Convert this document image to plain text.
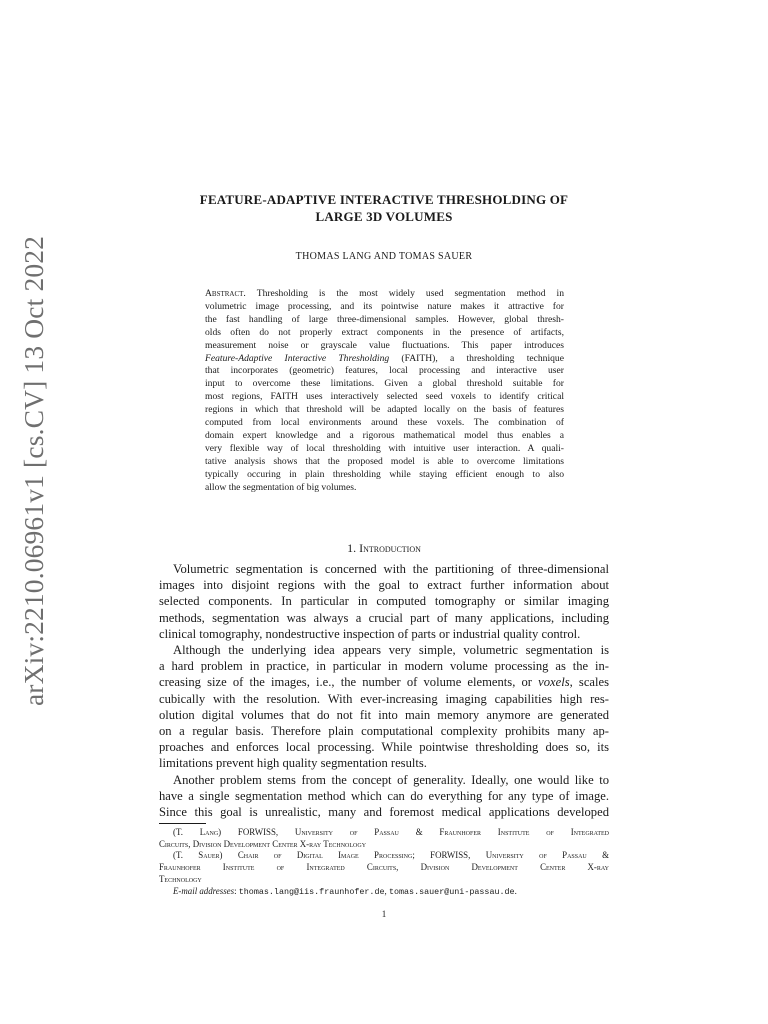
arXiv:2210.06961v1 [cs.CV] 13 Oct 2022
FEATURE-ADAPTIVE INTERACTIVE THRESHOLDING OF
LARGE 3D VOLUMES
THOMAS LANG AND TOMAS SAUER
Abstract. Thresholding is the most widely used segmentation method in
volumetric image processing, and its pointwise nature makes it attractive for
the fast handling of large three-dimensional samples. However, global thresh-
olds often do not properly extract components in the presence of artifacts,
measurement noise or grayscale value fluctuations. This paper introduces
Feature-Adaptive Interactive Thresholding (FAITH), a thresholding technique
that incorporates (geometric) features, local processing and interactive user
input to overcome these limitations. Given a global threshold suitable for
most regions, FAITH uses interactively selected seed voxels to identify critical
regions in which that threshold will be adapted locally on the basis of features
computed from local environments around these voxels. The combination of
domain expert knowledge and a rigorous mathematical model thus enables a
very flexible way of local thresholding with intuitive user interaction. A quali-
tative analysis shows that the proposed model is able to overcome limitations
typically occuring in plain thresholding while staying efficient enough to also
allow the segmentation of big volumes.
1. Introduction
Volumetric segmentation is concerned with the partitioning of three-dimensional
images into disjoint regions with the goal to extract further information about
selected components. In particular in computed tomography or similar imaging
methods, segmentation was always a crucial part of many applications, including
clinical tomography, nondestructive inspection of parts or industrial quality control.
Although the underlying idea appears very simple, volumetric segmentation is
a hard problem in practice, in particular in modern volume processing as the in-
creasing size of the images, i.e., the number of volume elements, or voxels, scales
cubically with the resolution. With ever-increasing imaging capabilities high res-
olution digital volumes that do not fit into main memory anymore are generated
on a regular basis. Therefore plain computational complexity prohibits many ap-
proaches and enforces local processing. While pointwise thresholding does so, its
limitations prevent high quality segmentation results.
Another problem stems from the concept of generality. Ideally, one would like to
have a single segmentation method which can do everything for any type of image.
Since this goal is unrealistic, many and foremost medical applications developed
(T. Lang) FORWISS, University of Passau & Fraunhofer Institute of Integrated
Circuits, Division Development Center X-ray Technology
(T. Sauer) Chair of Digital Image Processing; FORWISS, University of Passau &
Fraunhofer Institute of Integrated Circuits, Division Development Center X-ray
Technology
E-mail addresses: thomas.lang@iis.fraunhofer.de, tomas.sauer@uni-passau.de.
1
